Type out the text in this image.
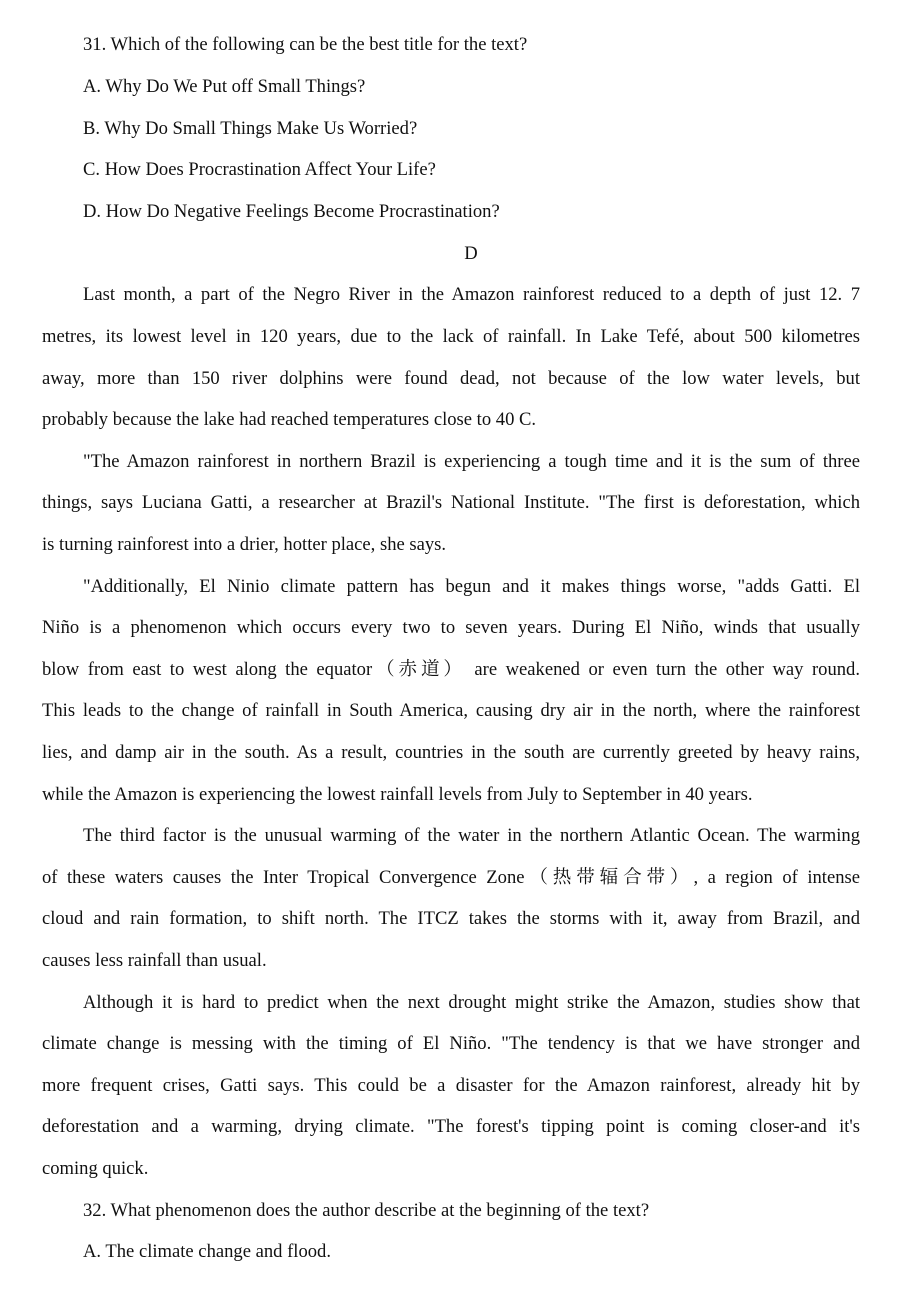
31. Which of the following can be the best title for the text?
A. Why Do We Put off Small Things?
B. Why Do Small Things Make Us Worried?
C. How Does Procrastination Affect Your Life?
D. How Do Negative Feelings Become Procrastination?
D
Last month, a part of the Negro River in the Amazon rainforest reduced to a depth of just 12. 7
metres, its lowest level in 120 years, due to the lack of rainfall. In Lake Tefé, about 500 kilometres
away, more than 150 river dolphins were found dead, not because of the low water levels, but
probably because the lake had reached temperatures close to 40 C.
"The Amazon rainforest in northern Brazil is experiencing a tough time and it is the sum of three
things, says Luciana Gatti, a researcher at Brazil's National Institute. "The first is deforestation, which
is turning rainforest into a drier, hotter place, she says.
"Additionally, El Ninio climate pattern has begun and it makes things worse, "adds Gatti. El
Niño is a phenomenon which occurs every two to seven years. During El Niño, winds that usually
blow from east to west along the equator（赤道） are weakened or even turn the other way round.
This leads to the change of rainfall in South America, causing dry air in the north, where the rainforest
lies, and damp air in the south. As a result, countries in the south are currently greeted by heavy rains,
while the Amazon is experiencing the lowest rainfall levels from July to September in 40 years.
The third factor is the unusual warming of the water in the northern Atlantic Ocean. The warming
of these waters causes the Inter Tropical Convergence Zone（热带辐合带）, a region of intense
cloud and rain formation, to shift north. The ITCZ takes the storms with it, away from Brazil, and
causes less rainfall than usual.
Although it is hard to predict when the next drought might strike the Amazon, studies show that
climate change is messing with the timing of El Niño. "The tendency is that we have stronger and
more frequent crises, Gatti says. This could be a disaster for the Amazon rainforest, already hit by
deforestation and a warming, drying climate. "The forest's tipping point is coming closer-and it's
coming quick.
32. What phenomenon does the author describe at the beginning of the text?
A. The climate change and flood.
